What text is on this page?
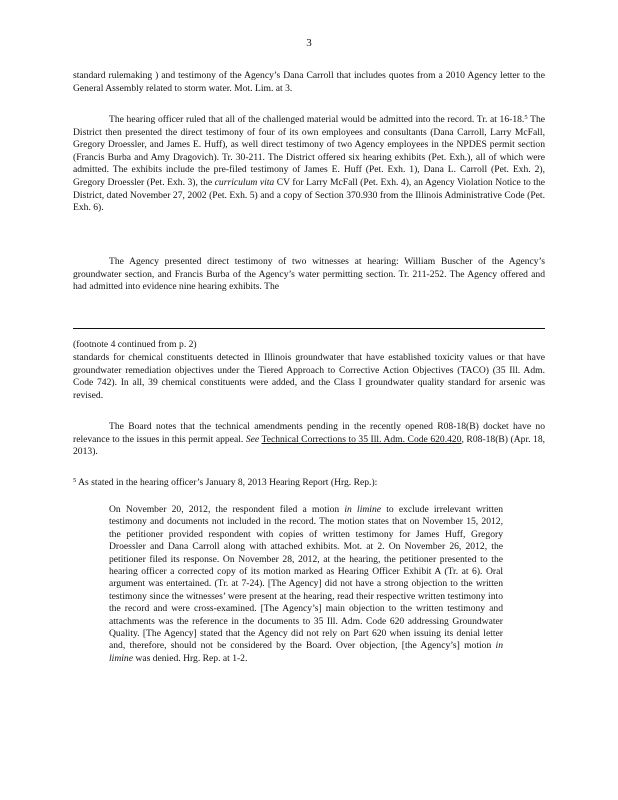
3

standard rulemaking ) and testimony of the Agency’s Dana Carroll that includes quotes from a 2010 Agency letter to the General Assembly related to storm water. Mot. Lim. at 3.

The hearing officer ruled that all of the challenged material would be admitted into the record. Tr. at 16-18.$^5$ The District then presented the direct testimony of four of its own employees and consultants (Dana Carroll, Larry McFall, Gregory Droessler, and James E. Huff), as well direct testimony of two Agency employees in the NPDES permit section (Francis Burba and Amy Dragovich). Tr. 30-211. The District offered six hearing exhibits (Pet. Exh.), all of which were admitted. The exhibits include the pre-filed testimony of James E. Huff (Pet. Exh. 1), Dana L. Carroll (Pet. Exh. 2), Gregory Droessler (Pet. Exh. 3), the curriculum vita CV for Larry McFall (Pet. Exh. 4), an Agency Violation Notice to the District, dated November 27, 2002 (Pet. Exh. 5) and a copy of Section 370.930 from the Illinois Administrative Code (Pet. Exh. 6).

The Agency presented direct testimony of two witnesses at hearing: William Buscher of the Agency’s groundwater section, and Francis Burba of the Agency’s water permitting section. Tr. 211-252. The Agency offered and had admitted into evidence nine hearing exhibits. The

(footnote 4 continued from p. 2)

standards for chemical constituents detected in Illinois groundwater that have established toxicity values or that have groundwater remediation objectives under the Tiered Approach to Corrective Action Objectives (TACO) (35 Ill. Adm. Code 742). In all, 39 chemical constituents were added, and the Class I groundwater quality standard for arsenic was revised.

The Board notes that the technical amendments pending in the recently opened R08-18(B) docket have no relevance to the issues in this permit appeal. See Technical Corrections to 35 Ill. Adm. Code 620.420, R08-18(B) (Apr. 18, 2013).

$^5$ As stated in the hearing officer’s January 8, 2013 Hearing Report (Hrg. Rep.):

On November 20, 2012, the respondent filed a motion in limine to exclude irrelevant written testimony and documents not included in the record. The motion states that on November 15, 2012, the petitioner provided respondent with copies of written testimony for James Huff, Gregory Droessler and Dana Carroll along with attached exhibits. Mot. at 2. On November 26, 2012, the petitioner filed its response. On November 28, 2012, at the hearing, the petitioner presented to the hearing officer a corrected copy of its motion marked as Hearing Officer Exhibit A (Tr. at 6). Oral argument was entertained. (Tr. at 7-24). [The Agency] did not have a strong objection to the written testimony since the witnesses’ were present at the hearing, read their respective written testimony into the record and were cross-examined. [The Agency’s] main objection to the written testimony and attachments was the reference in the documents to 35 Ill. Adm. Code 620 addressing Groundwater Quality. [The Agency] stated that the Agency did not rely on Part 620 when issuing its denial letter and, therefore, should not be considered by the Board. Over objection, [the Agency’s] motion in limine was denied. Hrg. Rep. at 1-2.
